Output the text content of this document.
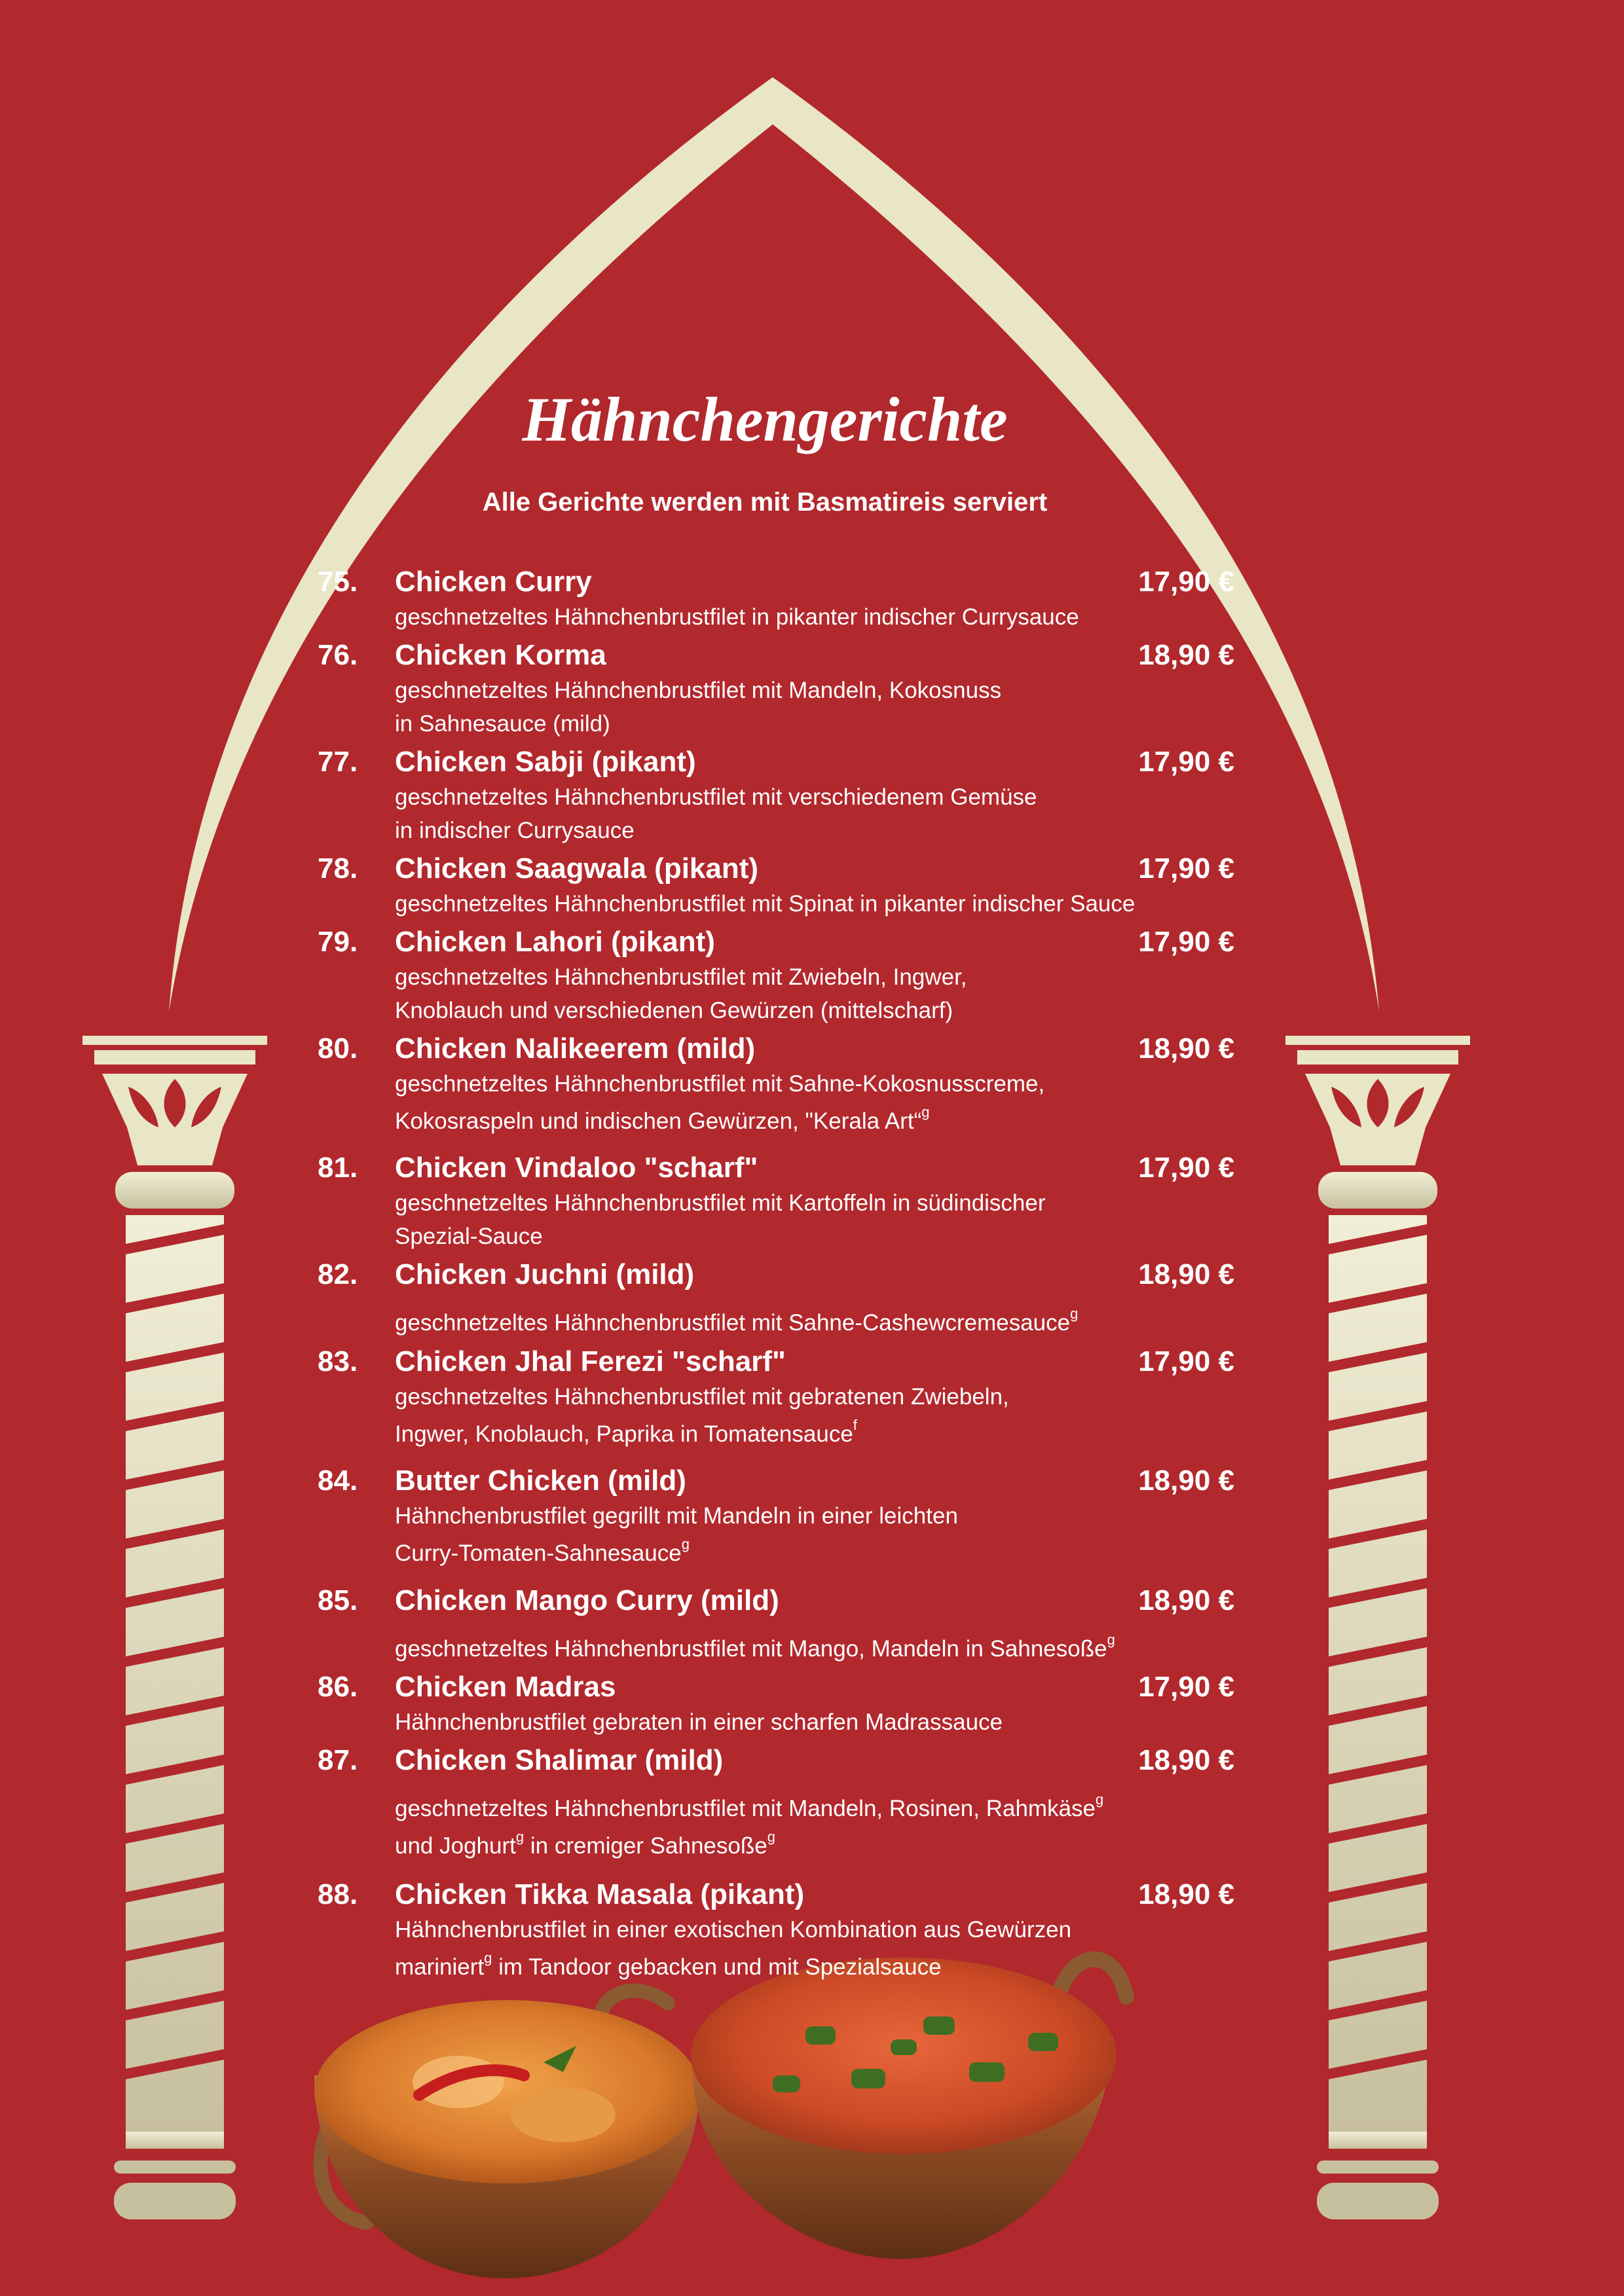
Hähnchengerichte

Alle Gerichte werden mit Basmatireis serviert

75. Chicken Curry	17,90 €

geschnetzeltes Hähnchenbrustfilet in pikanter indischer Currysauce

76. Chicken Korma	18,90 €

geschnetzeltes Hähnchenbrustfilet mit Mandeln, Kokosnuss

in Sahnesauce (mild)

77. Chicken Sabji (pikant)	17,90 €

geschnetzeltes Hähnchenbrustfilet mit verschiedenem Gemüse

in indischer Currysauce

78. Chicken Saagwala (pikant)	17,90 €

geschnetzeltes Hähnchenbrustfilet mit Spinat in pikanter indischer Sauce

79. Chicken Lahori (pikant)	17,90 €

geschnetzeltes Hähnchenbrustfilet mit Zwiebeln, Ingwer,

Knoblauch und verschiedenen Gewürzen (mittelscharf)

80. Chicken Nalikeerem (mild)	18,90 €

geschnetzeltes Hähnchenbrustfilet mit Sahne-Kokosnusscreme,

Kokosraspeln und indischen Gewürzen, "Kerala Art“$^g$

81. Chicken Vindaloo "scharf"	17,90 €

geschnetzeltes Hähnchenbrustfilet mit Kartoffeln in südindischer

Spezial-Sauce

82. Chicken Juchni (mild)	18,90 €

geschnetzeltes Hähnchenbrustfilet mit Sahne-Cashewcremesauce$^g$

83. Chicken Jhal Ferezi "scharf"	17,90 €

geschnetzeltes Hähnchenbrustfilet mit gebratenen Zwiebeln,

Ingwer, Knoblauch, Paprika in Tomatensauce$^f$

84. Butter Chicken (mild)	18,90 €

Hähnchenbrustfilet gegrillt mit Mandeln in einer leichten

Curry-Tomaten-Sahnesauce$^g$

85. Chicken Mango Curry (mild)	18,90 €

geschnetzeltes Hähnchenbrustfilet mit Mango, Mandeln in Sahnesoße$^g$

86. Chicken Madras	17,90 €

Hähnchenbrustfilet gebraten in einer scharfen Madrassauce

87. Chicken Shalimar (mild)	18,90 €

geschnetzeltes Hähnchenbrustfilet mit Mandeln, Rosinen, Rahmkäse$^g$

und Joghurt$^g$ in cremiger Sahnesoße$^g$

88. Chicken Tikka Masala (pikant)	18,90 €

Hähnchenbrustfilet in einer exotischen Kombination aus Gewürzen

mariniert$^g$ im Tandoor gebacken und mit Spezialsauce
